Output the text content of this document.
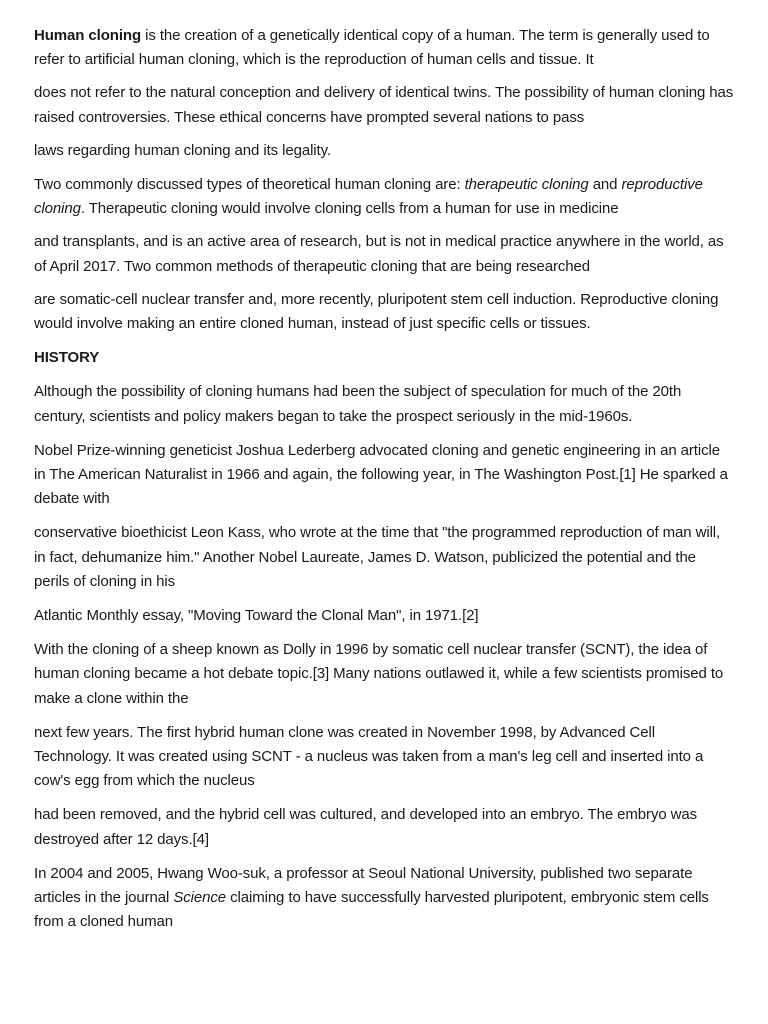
Human cloning is the creation of a genetically identical copy of a human. The term is generally used to refer to artificial human cloning, which is the reproduction of human cells and tissue. It

does not refer to the natural conception and delivery of identical twins. The possibility of human cloning has raised controversies. These ethical concerns have prompted several nations to pass

laws regarding human cloning and its legality.

Two commonly discussed types of theoretical human cloning are: therapeutic cloning and reproductive cloning. Therapeutic cloning would involve cloning cells from a human for use in medicine

and transplants, and is an active area of research, but is not in medical practice anywhere in the world, as of April 2017. Two common methods of therapeutic cloning that are being researched

are somatic-cell nuclear transfer and, more recently, pluripotent stem cell induction. Reproductive cloning would involve making an entire cloned human, instead of just specific cells or tissues.

HISTORY

Although the possibility of cloning humans had been the subject of speculation for much of the 20th century, scientists and policy makers began to take the prospect seriously in the mid-1960s.

Nobel Prize-winning geneticist Joshua Lederberg advocated cloning and genetic engineering in an article in The American Naturalist in 1966 and again, the following year, in The Washington Post.[1] He sparked a debate with

conservative bioethicist Leon Kass, who wrote at the time that "the programmed reproduction of man will, in fact, dehumanize him." Another Nobel Laureate, James D. Watson, publicized the potential and the perils of cloning in his

Atlantic Monthly essay, "Moving Toward the Clonal Man", in 1971.[2]

With the cloning of a sheep known as Dolly in 1996 by somatic cell nuclear transfer (SCNT), the idea of human cloning became a hot debate topic.[3] Many nations outlawed it, while a few scientists promised to make a clone within the

next few years. The first hybrid human clone was created in November 1998, by Advanced Cell Technology. It was created using SCNT - a nucleus was taken from a man's leg cell and inserted into a cow's egg from which the nucleus

had been removed, and the hybrid cell was cultured, and developed into an embryo. The embryo was destroyed after 12 days.[4]

In 2004 and 2005, Hwang Woo-suk, a professor at Seoul National University, published two separate articles in the journal Science claiming to have successfully harvested pluripotent, embryonic stem cells from a cloned human
